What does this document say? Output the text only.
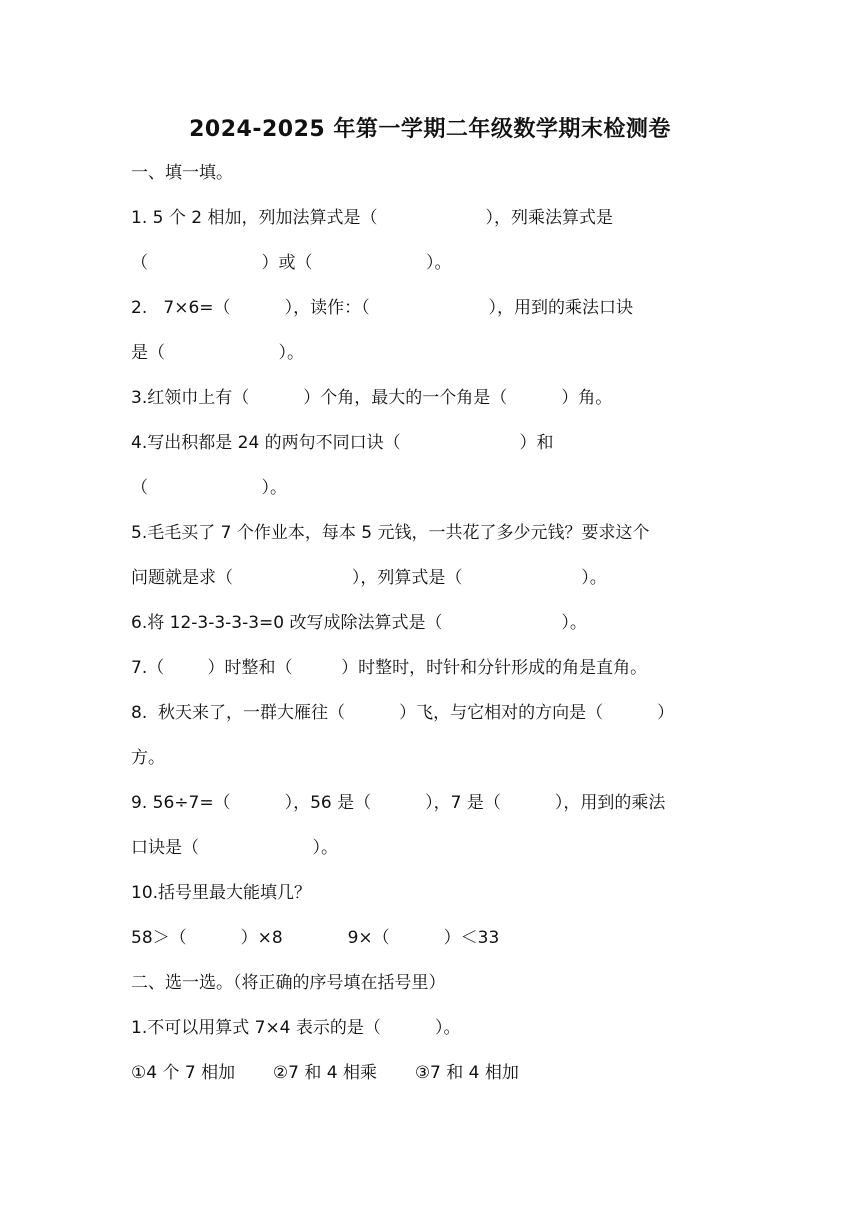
2024-2025 年第一学期二年级数学期末检测卷
一、填一填。
1. 5 个 2 相加，列加法算式是（                    ），列乘法算式是
（                     ）或（                     ）。
2.   7×6=（          ），读作：（                      ），用到的乘法口诀
是（                     ）。
3.红领巾上有（          ）个角，最大的一个角是（          ）角。
4.写出积都是 24 的两句不同口诀（                      ）和
（                     ）。
5.毛毛买了 7 个作业本，每本 5 元钱，一共花了多少元钱？要求这个
问题就是求（                      ），列算式是（                      ）。
6.将 12-3-3-3-3=0 改写成除法算式是（                      ）。
7.（        ）时整和（         ）时整时，时针和分针形成的角是直角。
8.  秋天来了，一群大雁往（          ）飞，与它相对的方向是（          ）
方。
9. 56÷7=（          ），56 是（          ），7 是（          ），用到的乘法
口诀是（                     ）。
10.括号里最大能填几？
58＞（          ）×8            9×（          ）＜33
二、选一选。（将正确的序号填在括号里）
1.不可以用算式 7×4 表示的是（          ）。
①4 个 7 相加       ②7 和 4 相乘       ③7 和 4 相加
